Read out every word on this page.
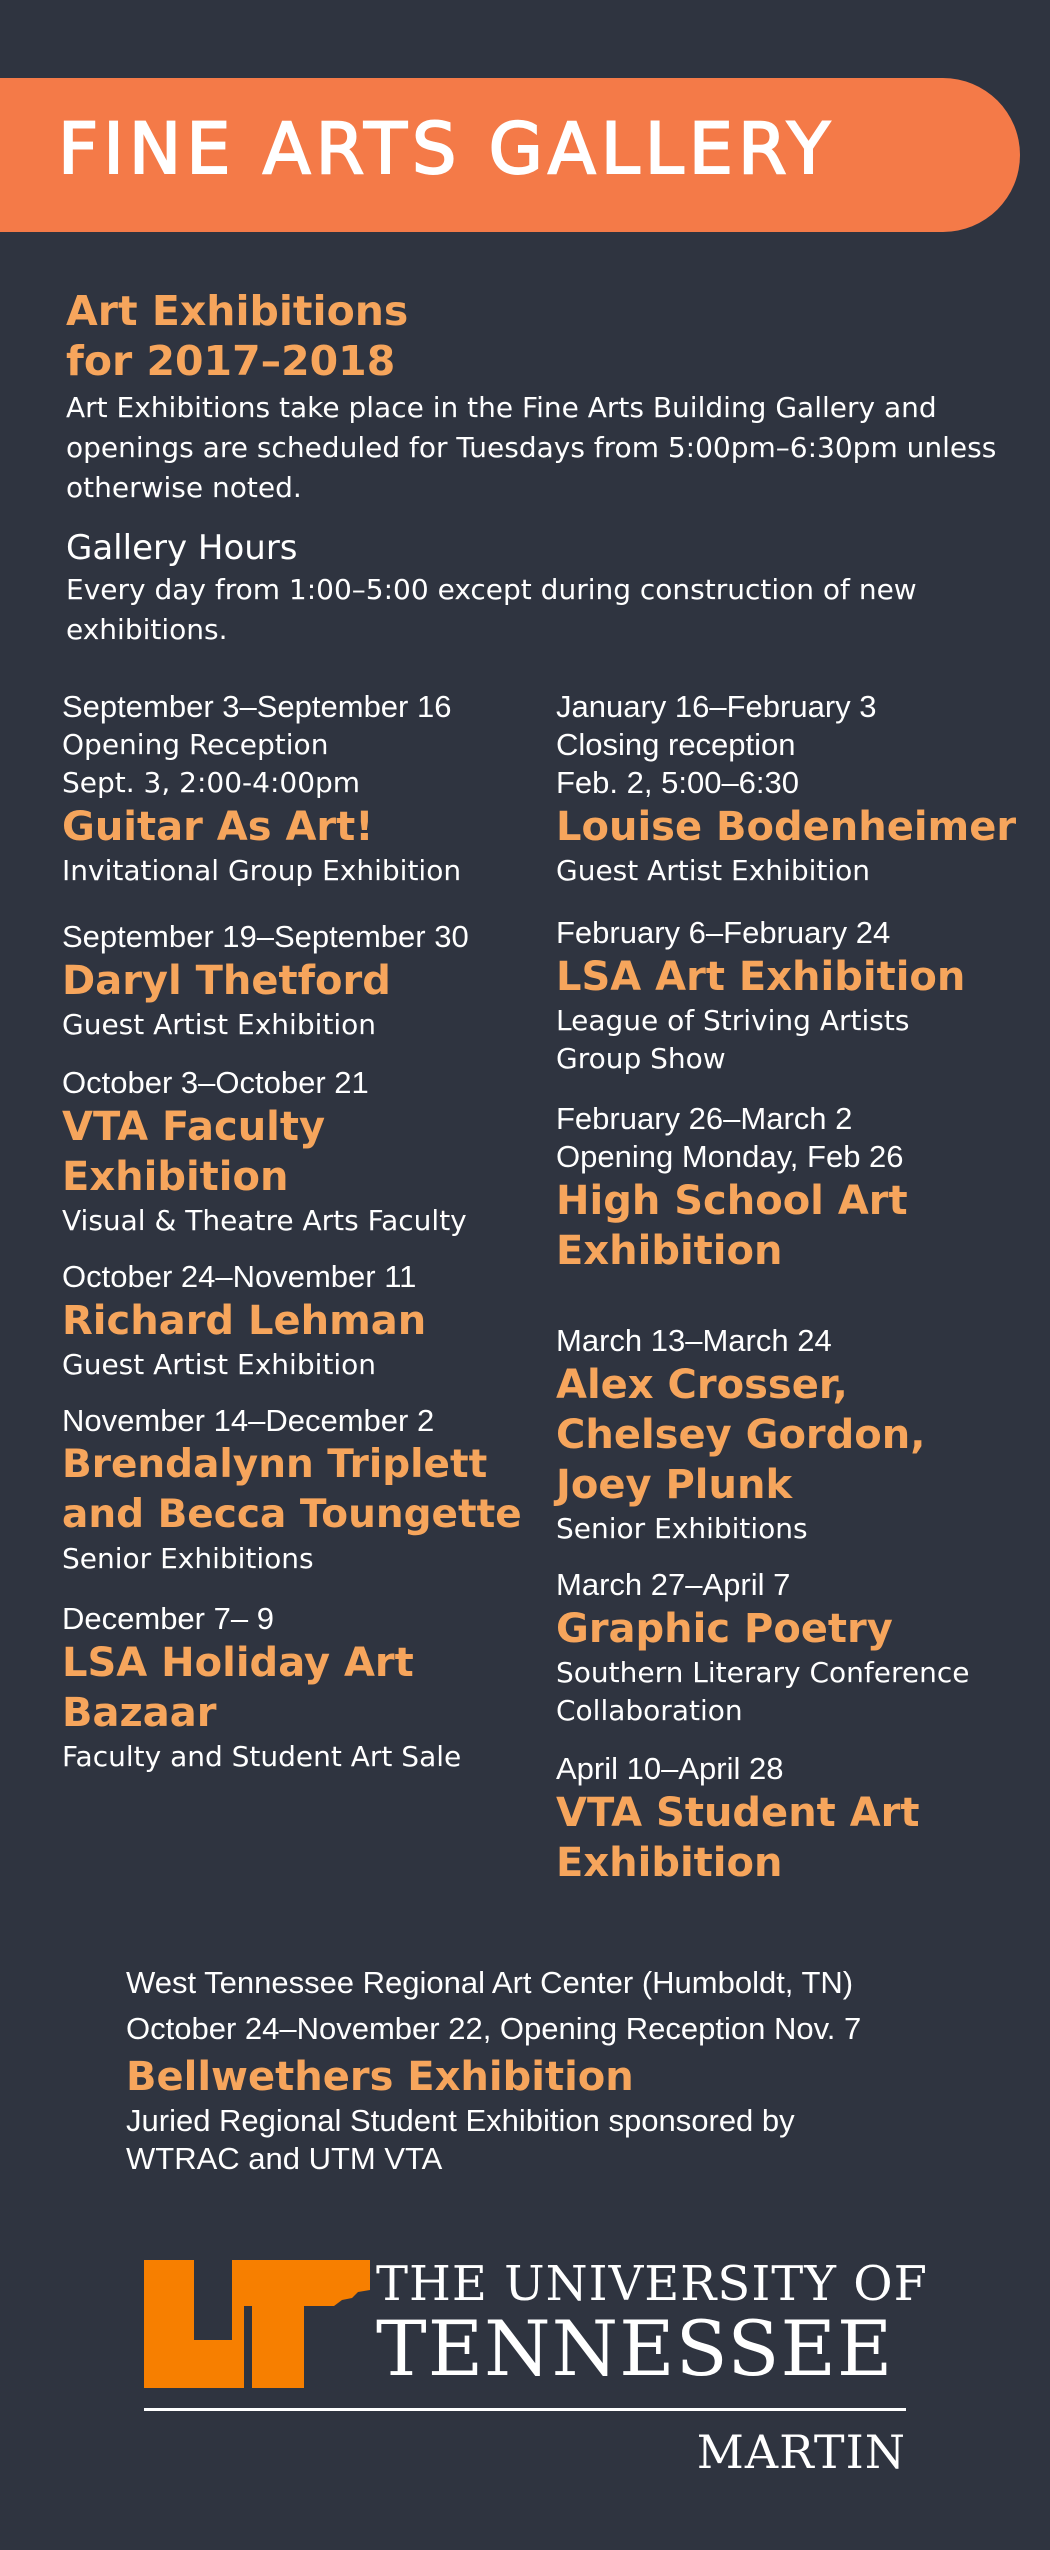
FINE ARTS GALLERY
Art Exhibitions
for 2017–2018
Art Exhibitions take place in the Fine Arts Building Gallery and openings are scheduled for Tuesdays from 5:00pm–6:30pm unless otherwise noted.
Gallery Hours
Every day from 1:00–5:00 except during construction of new exhibitions.
September 3–September 16
Opening Reception
Sept. 3, 2:00-4:00pm
Guitar As Art!
Invitational Group Exhibition
September 19–September 30
Daryl Thetford
Guest Artist Exhibition
October 3–October 21
VTA Faculty Exhibition
Visual & Theatre Arts Faculty
October 24–November 11
Richard Lehman
Guest Artist Exhibition
November 14–December 2
Brendalynn Triplett and Becca Toungette
Senior Exhibitions
December 7– 9
LSA Holiday Art Bazaar
Faculty and Student Art Sale
January 16–February 3
Closing reception
Feb. 2, 5:00–6:30
Louise Bodenheimer
Guest Artist Exhibition
February 6–February 24
LSA Art Exhibition
League of Striving Artists Group Show
February 26–March 2
Opening Monday, Feb 26
High School Art Exhibition
March 13–March 24
Alex Crosser, Chelsey Gordon, Joey Plunk
Senior Exhibitions
March 27–April 7
Graphic Poetry
Southern Literary Conference Collaboration
April 10–April 28
VTA Student Art Exhibition
West Tennessee Regional Art Center (Humboldt, TN)
October 24–November 22, Opening Reception Nov. 7
Bellwethers Exhibition
Juried Regional Student Exhibition sponsored by WTRAC and UTM VTA
THE UNIVERSITY OF
TENNESSEE
MARTIN
